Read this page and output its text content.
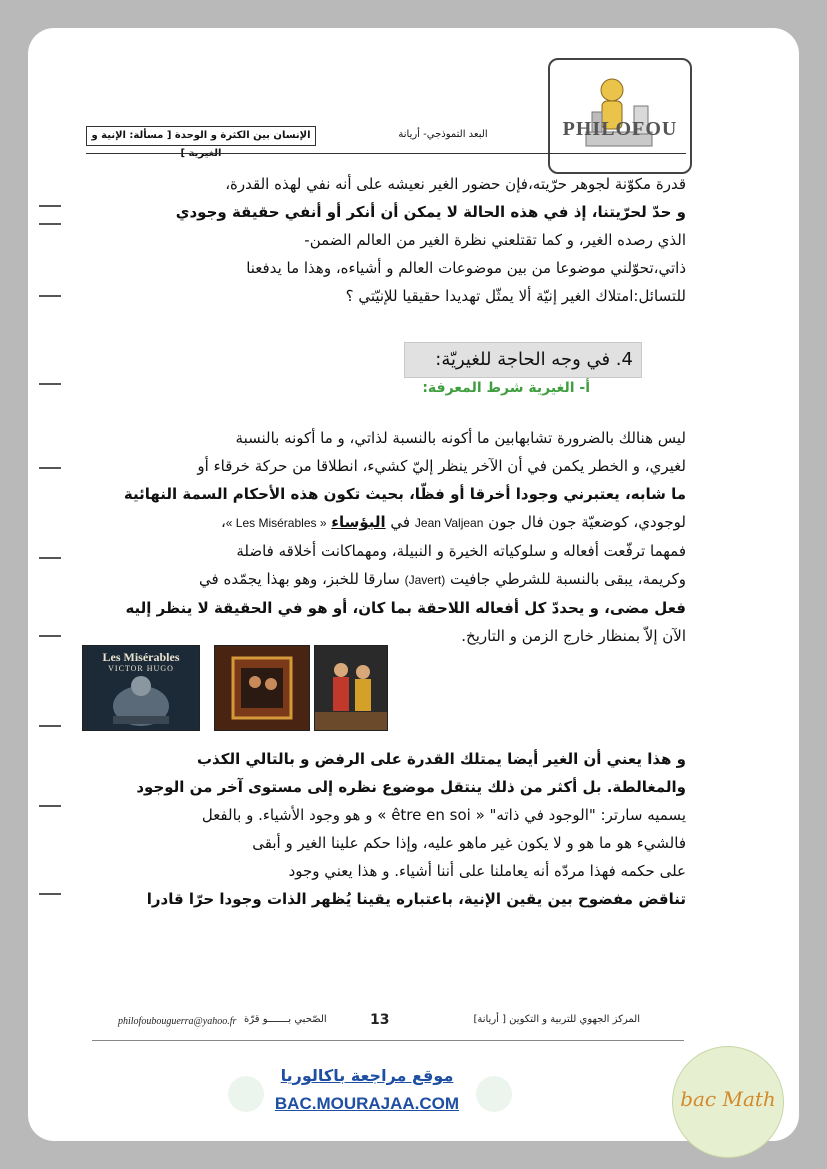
PHILOFOU
الإنسان بين الكثرة و الوحدة [ مسألة: الإنية و	البعد التموذجي- أريانة
قدرة مكوّنة لجوهر حرّيته،فإن حضور الغير نعيشه على أنه نفي لهذه القدرة،
و حدّ لحرّيتنا، إذ في هذه الحالة لا يمكن أن أنكر أو أنفي حقيقة وجودي
الذي رصده الغير، و كما تقتلعني نظرة الغير من العالم الضمن-
ذاتي،تحوّلني موضوعا من بين موضوعات العالم و أشياءه، وهذا ما يدفعنا
للتسائل:امتلاك الغير إنيّة ألا يمثّل تهديدا حقيقيا للإنيّتي ؟
4. في وجه الحاجة للغيريّة:
أ- الغيرية شرط المعرفة:
ليس هنالك بالضرورة تشابهابين ما أكونه بالنسبة لذاتي، و ما أكونه بالنسبة
لغيري، و الخطر يكمن في أن الآخر ينظر إليّ كشيء، انطلاقا من حركة خرقاء أو
ما شابه، يعتبرني وجودا أخرقا أو فظّا، بحيث تكون هذه الأحكام السمة النهائية
لوجودي، كوضعيّة جون فال جون Jean Valjean في البؤساء « Les Misérables »،
فمهما ترفّعت أفعاله و سلوكياته الخيرة و النبيلة، ومهماكانت أخلاقه فاضلة
وكريمة، يبقى بالنسبة للشرطي جافيت (Javert) سارقا للخبز، وهو بهذا يجمّده في
فعل مضى، و يحددّ كل أفعاله اللاحقة بما كان، أو هو في الحقيقة لا ينظر إليه
الآن إلاّ بمنظار خارج الزمن و التاريخ.
Les Misérables
VICTOR HUGO
و هذا يعني أن الغير أيضا يمتلك القدرة على الرفض و بالتالي الكذب
والمغالطة. بل أكثر من ذلك ينتقل موضوع نظره إلى مستوى آخر من الوجود
يسميه سارتر: "الوجود في ذاته" « être en soi » و هو وجود الأشياء. و بالفعل
فالشيء هو ما هو و لا يكون غير ماهو عليه، وإذا حكم علينا الغير و أبقى
على حكمه فهذا مردّه أنه يعاملنا على أننا أشياء. و هذا يعني وجود
تناقض مفضوح بين يقين الإنية، باعتباره يقينا يُظهر الذات وجودا حرّا قادرا
philofoubouguerra@yahoo.fr الصّحبي بـــــــو قرّة	13	المركز الجهوي للتربية و التكوين [ أريانة]
موقع مراجعة باكالوريا
BAC.MOURAJAA.COM	bac Math
